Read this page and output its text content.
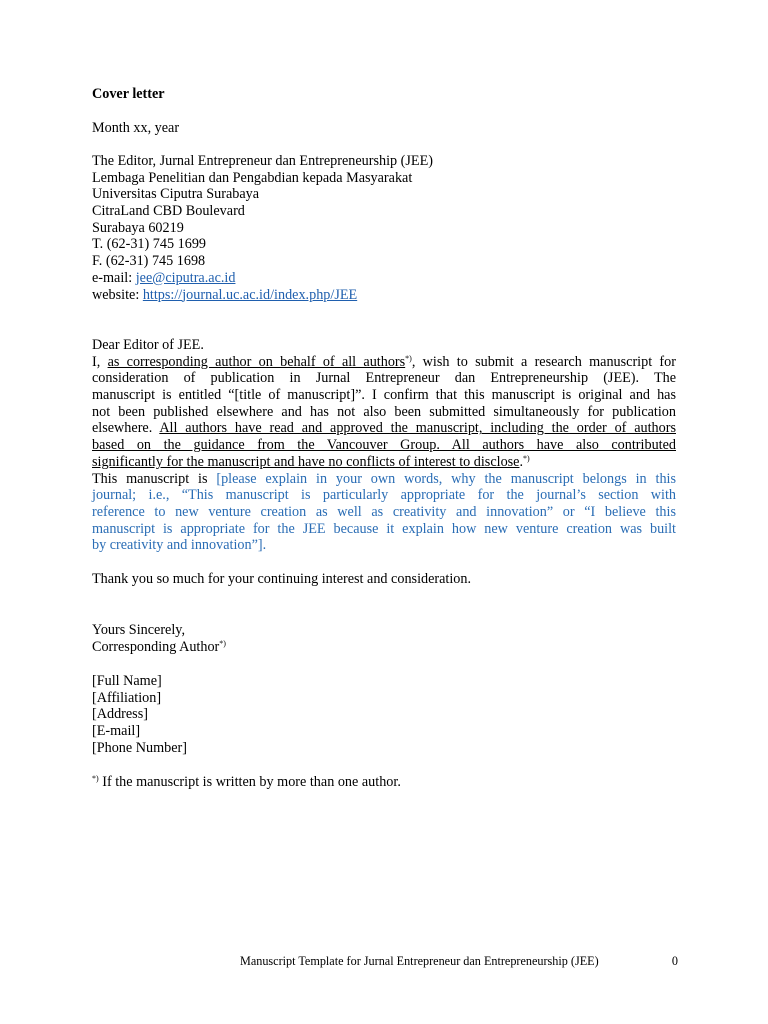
Cover letter
Month xx, year
The Editor, Jurnal Entrepreneur dan Entrepreneurship (JEE)
Lembaga Penelitian dan Pengabdian kepada Masyarakat
Universitas Ciputra Surabaya
CitraLand CBD Boulevard
Surabaya 60219
T. (62-31) 745 1699
F. (62-31) 745 1698
e-mail: jee@ciputra.ac.id
website: https://journal.uc.ac.id/index.php/JEE
Dear Editor of JEE.
I, as corresponding author on behalf of all authors*), wish to submit a research manuscript for
consideration of publication in Jurnal Entrepreneur dan Entrepreneurship (JEE). The
manuscript is entitled “[title of manuscript]”. I confirm that this manuscript is original and has
not been published elsewhere and has not also been submitted simultaneously for publication
elsewhere. All authors have read and approved the manuscript, including the order of authors
based on the guidance from the Vancouver Group. All authors have also contributed
significantly for the manuscript and have no conflicts of interest to disclose.*)
This manuscript is [please explain in your own words, why the manuscript belongs in this
journal; i.e., “This manuscript is particularly appropriate for the journal’s section with
reference to new venture creation as well as creativity and innovation” or “I believe this
manuscript is appropriate for the JEE because it explain how new venture creation was built
by creativity and innovation”].
Thank you so much for your continuing interest and consideration.
Yours Sincerely,
Corresponding Author*)
[Full Name]
[Affiliation]
[Address]
[E-mail]
[Phone Number]
*) If the manuscript is written by more than one author.
Manuscript Template for Jurnal Entrepreneur dan Entrepreneurship (JEE)	0
